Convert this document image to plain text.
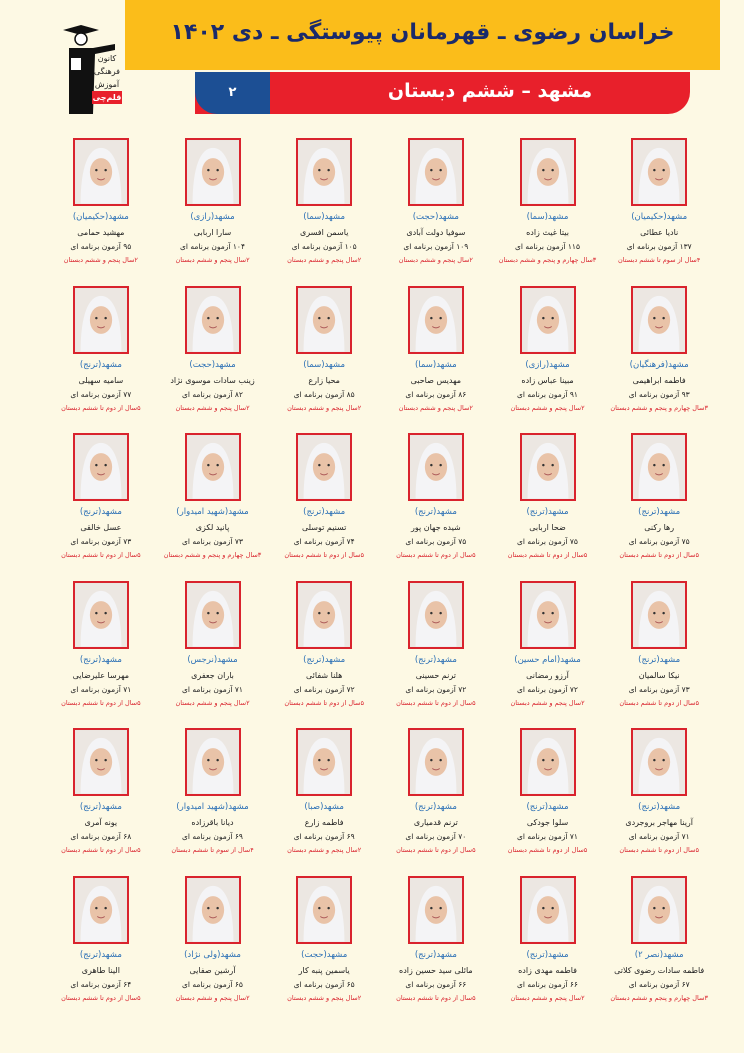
خراسان رضوی ـ قهرمانان پیوستگی ـ دی ۱۴۰۲
۲	مشهد – ششم دبستان
کانون
فرهنگی
آموزش
قلم‌چی
مشهد(حکیمیان)
نادیا عطائی
۱۳۷ آزمون برنامه ای
۴سال از سوم تا ششم دبستان
مشهد(سما)
بیتا غیث زاده
۱۱۵ آزمون برنامه ای
۳سال چهارم و پنجم و ششم دبستان
مشهد(حجت)
سوفیا دولت آبادی
۱۰۹ آزمون برنامه ای
۲سال پنجم و ششم دبستان
مشهد(سما)
یاسمن افسری
۱۰۵ آزمون برنامه ای
۲سال پنجم و ششم دبستان
مشهد(رازی)
سارا اربابی
۱۰۴ آزمون برنامه ای
۲سال پنجم و ششم دبستان
مشهد(حکیمیان)
مهشید حمامی
۹۵ آزمون برنامه ای
۲سال پنجم و ششم دبستان
مشهد(فرهنگیان)
فاطمه ابراهیمی
۹۳ آزمون برنامه ای
۳سال چهارم و پنجم و ششم دبستان
مشهد(رازی)
مبینا عباس زاده
۹۱ آزمون برنامه ای
۲سال پنجم و ششم دبستان
مشهد(سما)
مهدیس صاحبی
۸۶ آزمون برنامه ای
۲سال پنجم و ششم دبستان
مشهد(سما)
محیا زارع
۸۵ آزمون برنامه ای
۲سال پنجم و ششم دبستان
مشهد(حجت)
زینب سادات موسوی نژاد
۸۲ آزمون برنامه ای
۲سال پنجم و ششم دبستان
مشهد(ترنج)
سامیه سهیلی
۷۷ آزمون برنامه ای
۵سال از دوم تا ششم دبستان
مشهد(ترنج)
رها رکنی
۷۵ آزمون برنامه ای
۵سال از دوم تا ششم دبستان
مشهد(ترنج)
ضحا اربابی
۷۵ آزمون برنامه ای
۵سال از دوم تا ششم دبستان
مشهد(ترنج)
شیده جهان پور
۷۵ آزمون برنامه ای
۵سال از دوم تا ششم دبستان
مشهد(ترنج)
تسنیم توسلی
۷۴ آزمون برنامه ای
۵سال از دوم تا ششم دبستان
مشهد(شهید امیدوار)
پانید لکزی
۷۳ آزمون برنامه ای
۳سال چهارم و پنجم و ششم دبستان
مشهد(ترنج)
عسل خالقی
۷۳ آزمون برنامه ای
۵سال از دوم تا ششم دبستان
مشهد(ترنج)
نیکا سالمیان
۷۳ آزمون برنامه ای
۵سال از دوم تا ششم دبستان
مشهد(امام حسین)
آرزو رمضانی
۷۲ آزمون برنامه ای
۲سال پنجم و ششم دبستان
مشهد(ترنج)
ترنم حسینی
۷۲ آزمون برنامه ای
۵سال از دوم تا ششم دبستان
مشهد(ترنج)
هلنا شفائی
۷۲ آزمون برنامه ای
۵سال از دوم تا ششم دبستان
مشهد(نرجس)
باران جعفری
۷۱ آزمون برنامه ای
۲سال پنجم و ششم دبستان
مشهد(ترنج)
مهرسا علیرضایی
۷۱ آزمون برنامه ای
۵سال از دوم تا ششم دبستان
مشهد(ترنج)
آرینا مهاجر بروجردی
۷۱ آزمون برنامه ای
۵سال از دوم تا ششم دبستان
مشهد(ترنج)
سلوا جودکی
۷۱ آزمون برنامه ای
۵سال از دوم تا ششم دبستان
مشهد(ترنج)
ترنم قدمیاری
۷۰ آزمون برنامه ای
۵سال از دوم تا ششم دبستان
مشهد(صبا)
فاطمه زارع
۶۹ آزمون برنامه ای
۲سال پنجم و ششم دبستان
مشهد(شهید امیدوار)
دیانا باقرزاده
۶۹ آزمون برنامه ای
۴سال از سوم تا ششم دبستان
مشهد(ترنج)
یونه آمری
۶۸ آزمون برنامه ای
۵سال از دوم تا ششم دبستان
مشهد(نصر ۲)
فاطمه سادات رضوی کلاتی
۶۷ آزمون برنامه ای
۳سال چهارم و پنجم و ششم دبستان
مشهد(ترنج)
فاطمه مهدی زاده
۶۶ آزمون برنامه ای
۲سال پنجم و ششم دبستان
مشهد(ترنج)
مائلی سید حسین زاده
۶۶ آزمون برنامه ای
۵سال از دوم تا ششم دبستان
مشهد(حجت)
یاسمین پنبه کار
۶۵ آزمون برنامه ای
۲سال پنجم و ششم دبستان
مشهد(ولی نژاد)
آرشین صفایی
۶۵ آزمون برنامه ای
۲سال پنجم و ششم دبستان
مشهد(ترنج)
الینا طاهری
۶۴ آزمون برنامه ای
۵سال از دوم تا ششم دبستان
